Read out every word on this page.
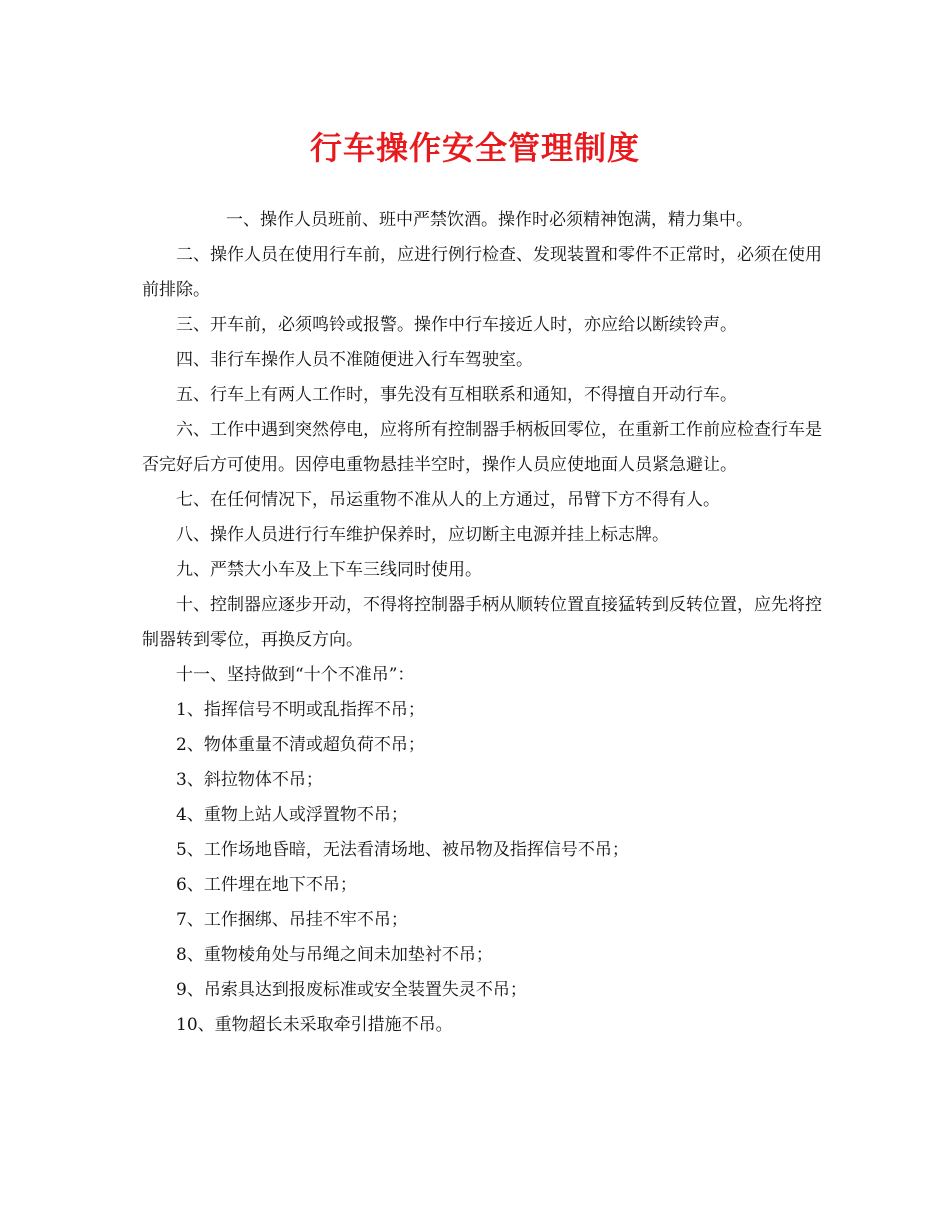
行车操作安全管理制度

一、操作人员班前、班中严禁饮酒。操作时必须精神饱满，精力集中。

二、操作人员在使用行车前，应进行例行检查、发现装置和零件不正常时，必须在使用前排除。

三、开车前，必须鸣铃或报警。操作中行车接近人时，亦应给以断续铃声。

四、非行车操作人员不准随便进入行车驾驶室。

五、行车上有两人工作时，事先没有互相联系和通知，不得擅自开动行车。

六、工作中遇到突然停电，应将所有控制器手柄板回零位，在重新工作前应检查行车是否完好后方可使用。因停电重物悬挂半空时，操作人员应使地面人员紧急避让。

七、在任何情况下，吊运重物不准从人的上方通过，吊臂下方不得有人。

八、操作人员进行行车维护保养时，应切断主电源并挂上标志牌。

九、严禁大小车及上下车三线同时使用。

十、控制器应逐步开动，不得将控制器手柄从顺转位置直接猛转到反转位置，应先将控制器转到零位，再换反方向。

十一、坚持做到“十个不准吊”：

1、指挥信号不明或乱指挥不吊；

2、物体重量不清或超负荷不吊；

3、斜拉物体不吊；

4、重物上站人或浮置物不吊；

5、工作场地昏暗，无法看清场地、被吊物及指挥信号不吊；

6、工件埋在地下不吊；

7、工作捆绑、吊挂不牢不吊；

8、重物棱角处与吊绳之间未加垫衬不吊；

9、吊索具达到报废标准或安全装置失灵不吊；

10、重物超长未采取牵引措施不吊。
